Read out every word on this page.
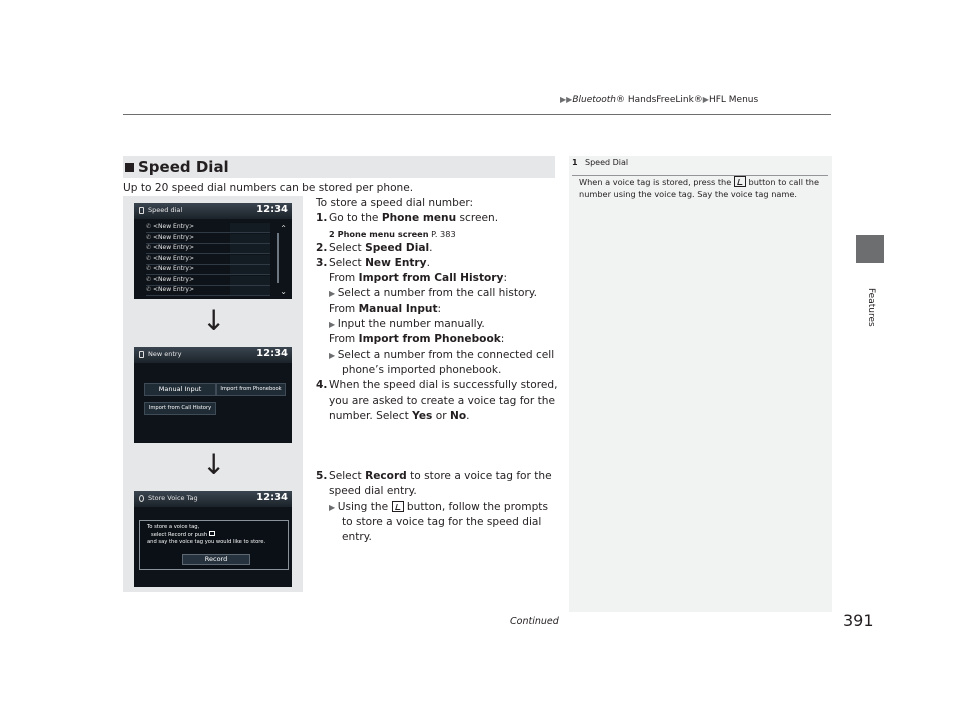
▶▶Bluetooth® HandsFreeLink®▶HFL Menus
Features
Speed Dial
Up to 20 speed dial numbers can be stored per phone.
1 Speed Dial
When a voice tag is stored, press the button to call the number using the voice tag. Say the voice tag name.
Speed dial	12:34
⌃
⌄
✆ <New Entry>
✆ <New Entry>
✆ <New Entry>
✆ <New Entry>
✆ <New Entry>
✆ <New Entry>
✆ <New Entry>
↓
New entry	12:34
Manual Input	Import from Phonebook
Import from Call History
↓
Store Voice Tag	12:34
To store a voice tag,
select Record or push
and say the voice tag you would like to store.
Record
To store a speed dial number:
1. Go to the Phone menu screen.
2 Phone menu screen P. 383
2. Select Speed Dial.
3. Select New Entry.
From Import from Call History:
▶ Select a number from the call history.
From Manual Input:
▶ Input the number manually.
From Import from Phonebook:
▶ Select a number from the connected cell
phone’s imported phonebook.
4. When the speed dial is successfully stored,
you are asked to create a voice tag for the
number. Select Yes or No.
5. Select Record to store a voice tag for the
speed dial entry.
▶ Using the button, follow the prompts
to store a voice tag for the speed dial
entry.
Continued	391
